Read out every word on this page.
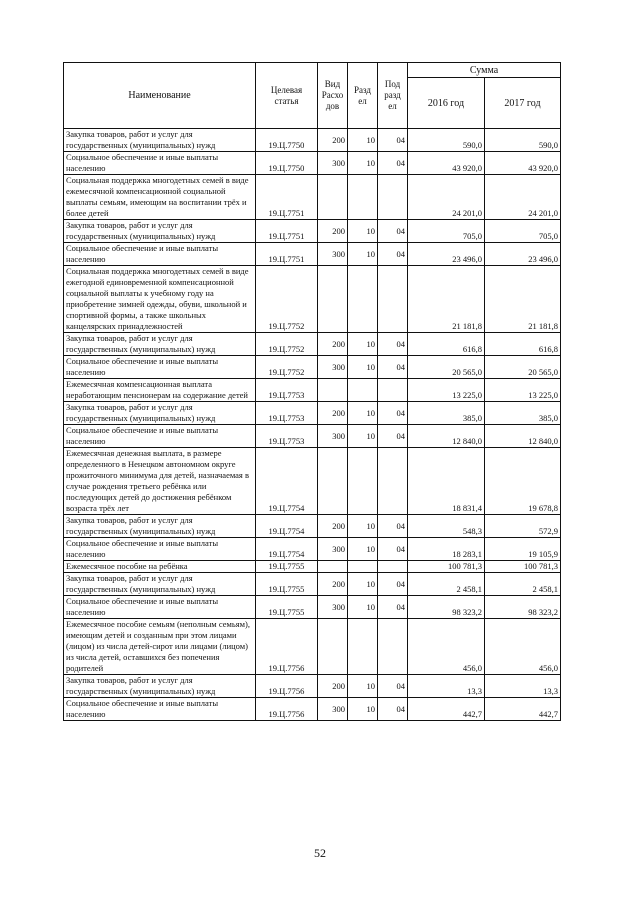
Наименование	Целевая статья	Вид Расхо дов	Разд ел	Под разд ел	Сумма	
					2016 год	2017 год
Закупка товаров, работ и услуг для государственных (муниципальных) нужд	19.Ц.7750	200	10	04	590,0	590,0
Социальное обеспечение и иные выплаты населению	19.Ц.7750	300	10	04	43 920,0	43 920,0
Социальная поддержка многодетных семей в виде ежемесячной компенсационной социальной выплаты семьям, имеющим на воспитании трёх и более детей	19.Ц.7751				24 201,0	24 201,0
Закупка товаров, работ и услуг для государственных (муниципальных) нужд	19.Ц.7751	200	10	04	705,0	705,0
Социальное обеспечение и иные выплаты населению	19.Ц.7751	300	10	04	23 496,0	23 496,0
Социальная поддержка многодетных семей в виде ежегодной единовременной компенсационной социальной выплаты к учебному году на приобретение зимней одежды, обуви, школьной и спортивной формы, а также школьных канцелярских принадлежностей	19.Ц.7752				21 181,8	21 181,8
Закупка товаров, работ и услуг для государственных (муниципальных) нужд	19.Ц.7752	200	10	04	616,8	616,8
Социальное обеспечение и иные выплаты населению	19.Ц.7752	300	10	04	20 565,0	20 565,0
Ежемесячная компенсационная выплата неработающим пенсионерам на содержание детей	19.Ц.7753				13 225,0	13 225,0
Закупка товаров, работ и услуг для государственных (муниципальных) нужд	19.Ц.7753	200	10	04	385,0	385,0
Социальное обеспечение и иные выплаты населению	19.Ц.7753	300	10	04	12 840,0	12 840,0
Ежемесячная денежная выплата, в размере определенного в Ненецком автономном округе прожиточного минимума для детей, назначаемая в случае рождения третьего ребёнка или последующих детей до достижения ребёнком возраста трёх лет	19.Ц.7754				18 831,4	19 678,8
Закупка товаров, работ и услуг для государственных (муниципальных) нужд	19.Ц.7754	200	10	04	548,3	572,9
Социальное обеспечение и иные выплаты населению	19.Ц.7754	300	10	04	18 283,1	19 105,9
Ежемесячное пособие на ребёнка	19.Ц.7755				100 781,3	100 781,3
Закупка товаров, работ и услуг для государственных (муниципальных) нужд	19.Ц.7755	200	10	04	2 458,1	2 458,1
Социальное обеспечение и иные выплаты населению	19.Ц.7755	300	10	04	98 323,2	98 323,2
Ежемесячное пособие семьям (неполным семьям), имеющим детей и созданным при этом лицами (лицом) из числа детей-сирот или лицами (лицом) из числа детей, оставшихся без попечения родителей	19.Ц.7756				456,0	456,0
Закупка товаров, работ и услуг для государственных (муниципальных) нужд	19.Ц.7756	200	10	04	13,3	13,3
Социальное обеспечение и иные выплаты населению	19.Ц.7756	300	10	04	442,7	442,7
52
